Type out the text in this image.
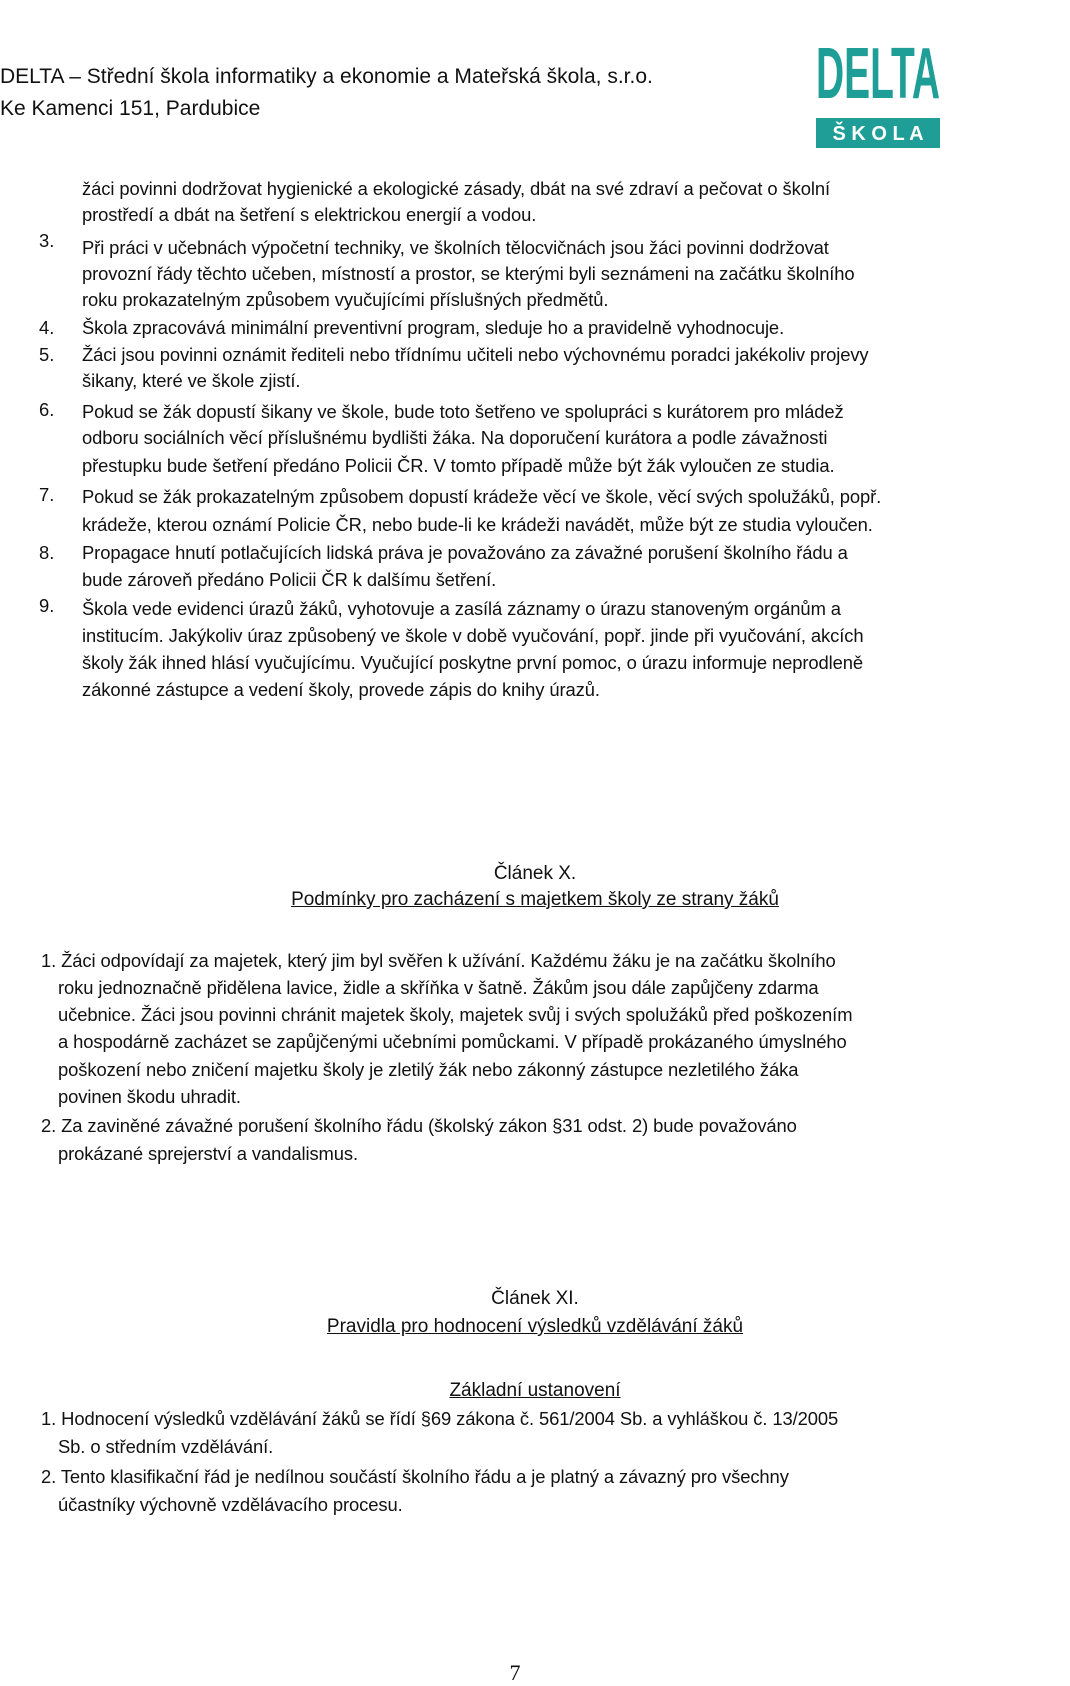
DELTA – Střední škola informatiky a ekonomie a Mateřská škola, s.r.o.
Ke Kamenci 151, Pardubice	DELTA
Š K O L A
žáci povinni dodržovat hygienické a ekologické zásady, dbát na své zdraví a pečovat o školní
prostředí a dbát na šetření s elektrickou energií a vodou.
3. Při práci v učebnách výpočetní techniky, ve školních tělocvičnách jsou žáci povinni dodržovat
provozní řády těchto učeben, místností a prostor, se kterými byli seznámeni na začátku školního
roku prokazatelným způsobem vyučujícími příslušných předmětů.
4. Škola zpracovává minimální preventivní program, sleduje ho a pravidelně vyhodnocuje.
5. Žáci jsou povinni oznámit řediteli nebo třídnímu učiteli nebo výchovnému poradci jakékoliv projevy
šikany, které ve škole zjistí.
6. Pokud se žák dopustí šikany ve škole, bude toto šetřeno ve spolupráci s kurátorem pro mládež
odboru sociálních věcí příslušnému bydlišti žáka. Na doporučení kurátora a podle závažnosti
přestupku bude šetření předáno Policii ČR. V tomto případě může být žák vyloučen ze studia.
7. Pokud se žák prokazatelným způsobem dopustí krádeže věcí ve škole, věcí svých spolužáků, popř.
krádeže, kterou oznámí Policie ČR, nebo bude-li ke krádeži navádět, může být ze studia vyloučen.
8. Propagace hnutí potlačujících lidská práva je považováno za závažné porušení školního řádu a
bude zároveň předáno Policii ČR k dalšímu šetření.
9. Škola vede evidenci úrazů žáků, vyhotovuje a zasílá záznamy o úrazu stanoveným orgánům a
institucím. Jakýkoliv úraz způsobený ve škole v době vyučování, popř. jinde při vyučování, akcích
školy žák ihned hlásí vyučujícímu. Vyučující poskytne první pomoc, o úrazu informuje neprodleně
zákonné zástupce a vedení školy, provede zápis do knihy úrazů.
Článek X.
Podmínky pro zacházení s majetkem školy ze strany žáků
1. Žáci odpovídají za majetek, který jim byl svěřen k užívání. Každému žáku je na začátku školního
roku jednoznačně přidělena lavice, židle a skříňka v šatně. Žákům jsou dále zapůjčeny zdarma
učebnice. Žáci jsou povinni chránit majetek školy, majetek svůj i svých spolužáků před poškozením
a hospodárně zacházet se zapůjčenými učebními pomůckami. V případě prokázaného úmyslného
poškození nebo zničení majetku školy je zletilý žák nebo zákonný zástupce nezletilého žáka
povinen škodu uhradit.
2. Za zaviněné závažné porušení školního řádu (školský zákon §31 odst. 2) bude považováno
prokázané sprejerství a vandalismus.
Článek XI.
Pravidla pro hodnocení výsledků vzdělávání žáků
Základní ustanovení
1. Hodnocení výsledků vzdělávání žáků se řídí §69 zákona č. 561/2004 Sb. a vyhláškou č. 13/2005
Sb. o středním vzdělávání.
2. Tento klasifikační řád je nedílnou součástí školního řádu a je platný a závazný pro všechny
účastníky výchovně vzdělávacího procesu.
7
